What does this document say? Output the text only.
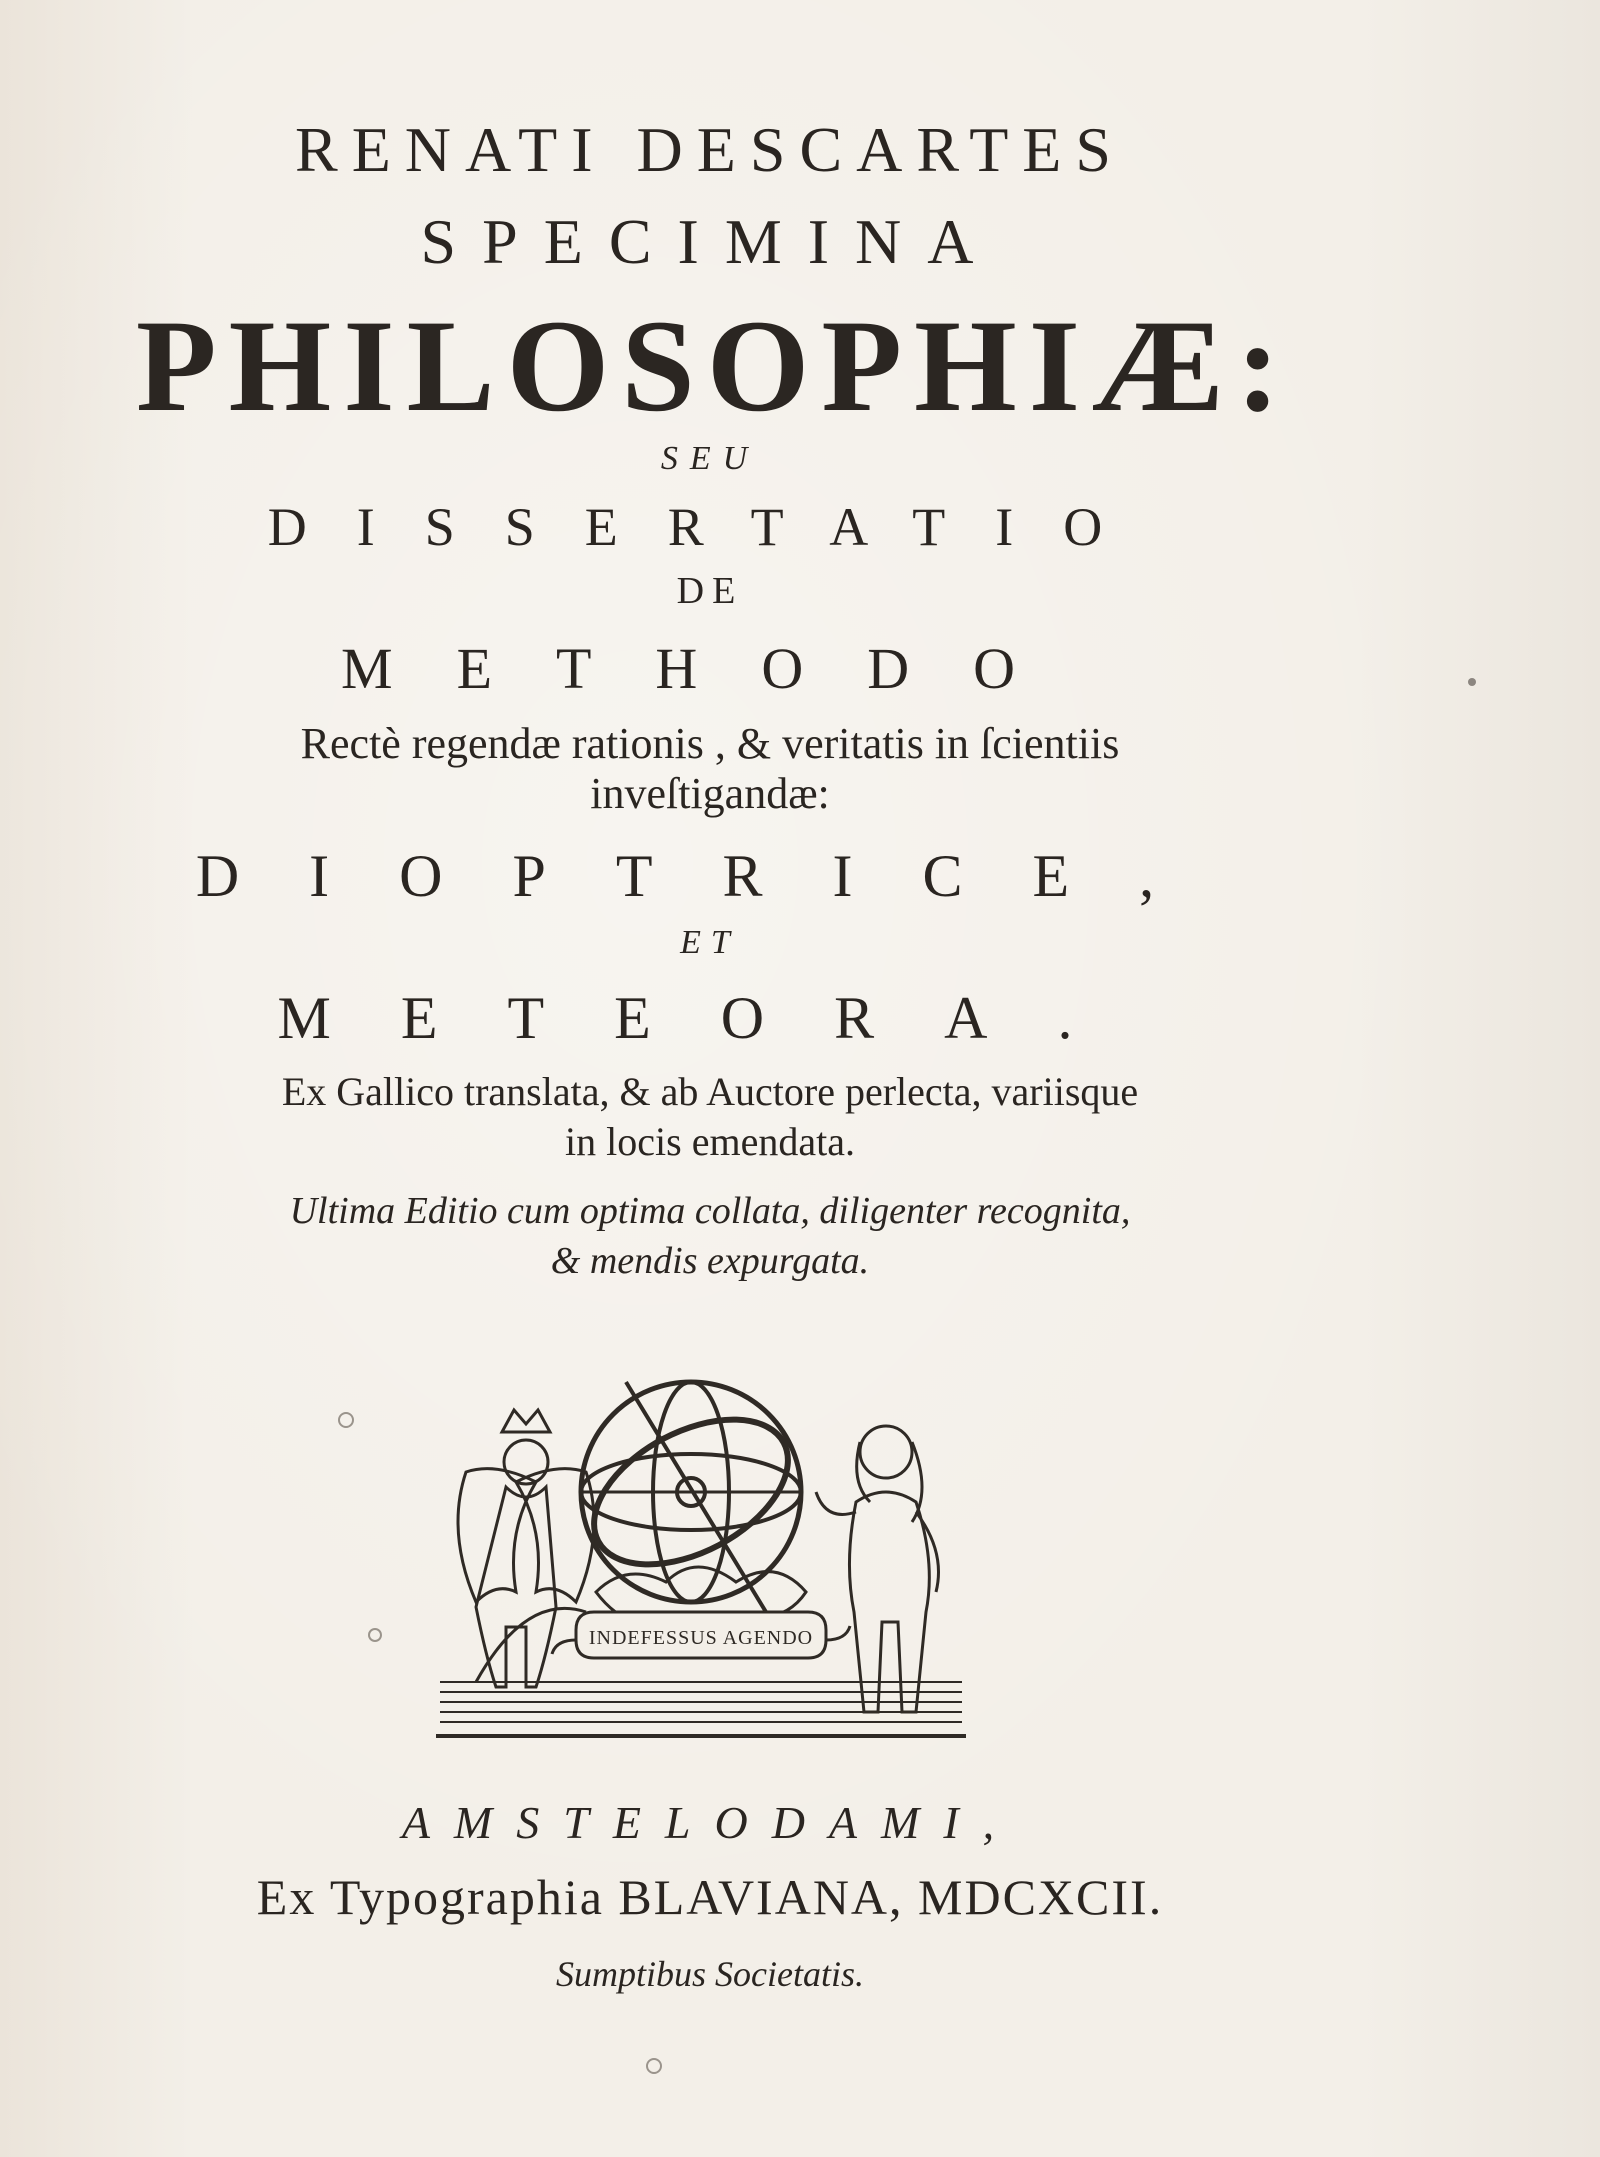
RENATI DESCARTES
SPECIMINA
PHILOSOPHIÆ:
SEU
DISSERTATIO
DE
METHODO
Rectè regendæ rationis , & veritatis in ſcientiis
inveſtigandæ:
DIOPTRICE,
ET
METEORA.
Ex Gallico translata, & ab Auctore perlecta, variisque
in locis emendata.
Ultima Editio cum optima collata, diligenter recognita,
& mendis expurgata.
INDEFESSUS AGENDO
AMSTELODAMI,
Ex Typographia BLAVIANA, MDCXCII.
Sumptibus Societatis.
